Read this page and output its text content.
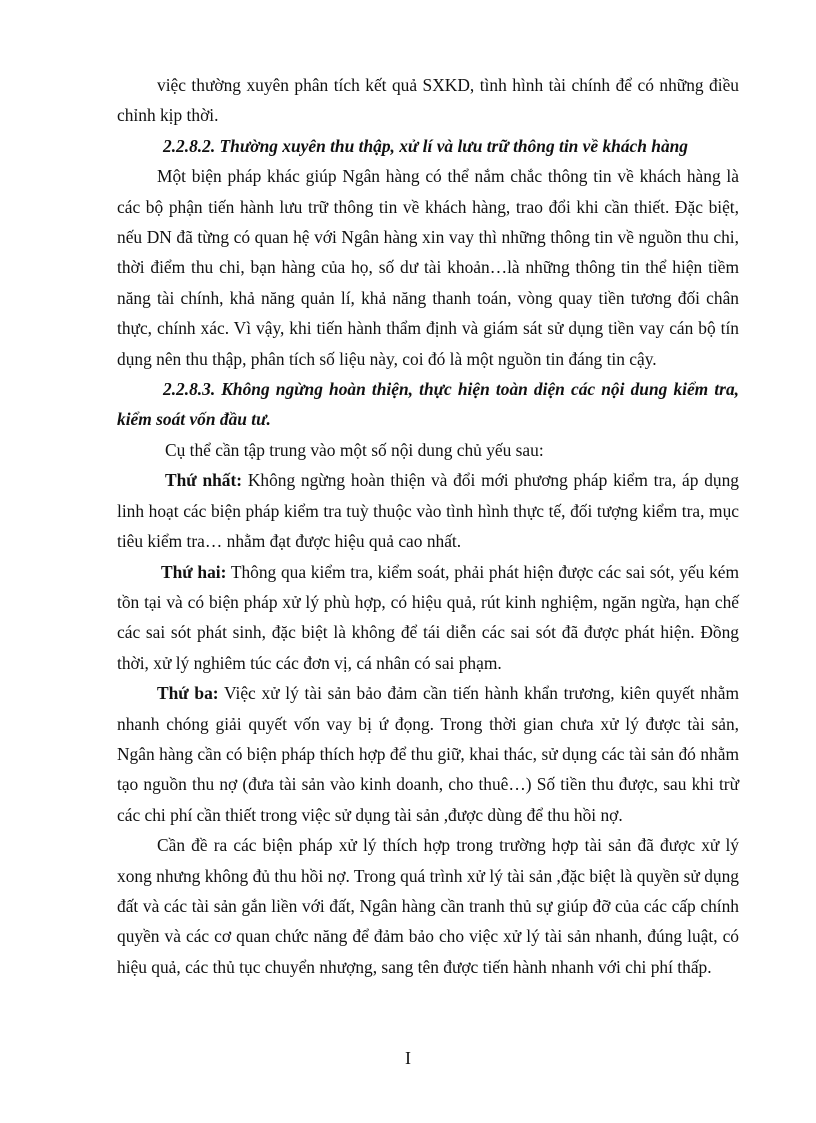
việc thường xuyên phân tích kết quả SXKD, tình hình tài chính để có những điều chỉnh kịp thời.

2.2.8.2. Thường xuyên thu thập, xử lí và lưu trữ thông tin về khách hàng

Một biện pháp khác giúp Ngân hàng có thể nắm chắc thông tin về khách hàng là các bộ phận tiến hành lưu trữ thông tin về khách hàng, trao đổi khi cần thiết. Đặc biệt, nếu DN đã từng có quan hệ với Ngân hàng xin vay thì những thông tin về nguồn thu chi, thời điểm thu chi, bạn hàng của họ, số dư tài khoản…là những thông tin thể hiện tiềm năng tài chính, khả năng quản lí, khả năng thanh toán, vòng quay tiền tương đối chân thực, chính xác. Vì vậy, khi tiến hành thẩm định và giám sát sử dụng tiền vay cán bộ tín dụng nên thu thập, phân tích số liệu này, coi đó là một nguồn tin đáng tin cậy.

2.2.8.3. Không ngừng hoàn thiện, thực hiện toàn diện các nội dung kiểm tra, kiểm soát vốn đầu tư.

Cụ thể cần tập trung vào một số nội dung chủ yếu sau:

Thứ nhất: Không ngừng hoàn thiện và đổi mới phương pháp kiểm tra, áp dụng linh hoạt các biện pháp kiểm tra tuỳ thuộc vào tình hình thực tế, đối tượng kiểm tra, mục tiêu kiểm tra… nhằm đạt được hiệu quả cao nhất.

Thứ hai: Thông qua kiểm tra, kiểm soát, phải phát hiện được các sai sót, yếu kém tồn tại và có biện pháp xử lý phù hợp, có hiệu quả, rút kinh nghiệm, ngăn ngừa, hạn chế các sai sót phát sinh, đặc biệt là không để tái diễn các sai sót đã được phát hiện. Đồng thời, xử lý nghiêm túc các đơn vị, cá nhân có sai phạm.

Thứ ba: Việc xử lý tài sản bảo đảm cần tiến hành khẩn trương, kiên quyết nhằm nhanh chóng giải quyết vốn vay bị ứ đọng. Trong thời gian chưa xử lý được tài sản, Ngân hàng cần có biện pháp thích hợp để thu giữ, khai thác, sử dụng các tài sản đó nhằm tạo nguồn thu nợ (đưa tài sản vào kinh doanh, cho thuê…) Số tiền thu được, sau khi trừ các chi phí cần thiết trong việc sử dụng tài sản ,được dùng để thu hồi nợ.

Cần đề ra các biện pháp xử lý thích hợp trong trường hợp tài sản đã được xử lý xong nhưng không đủ thu hồi nợ. Trong quá trình xử lý tài sản ,đặc biệt là quyền sử dụng đất và các tài sản gắn liền với đất, Ngân hàng cần tranh thủ sự giúp đỡ của các cấp chính quyền và các cơ quan chức năng để đảm bảo cho việc xử lý tài sản nhanh, đúng luật, có hiệu quả, các thủ tục chuyển nhượng, sang tên được tiến hành nhanh với chi phí thấp.

I
